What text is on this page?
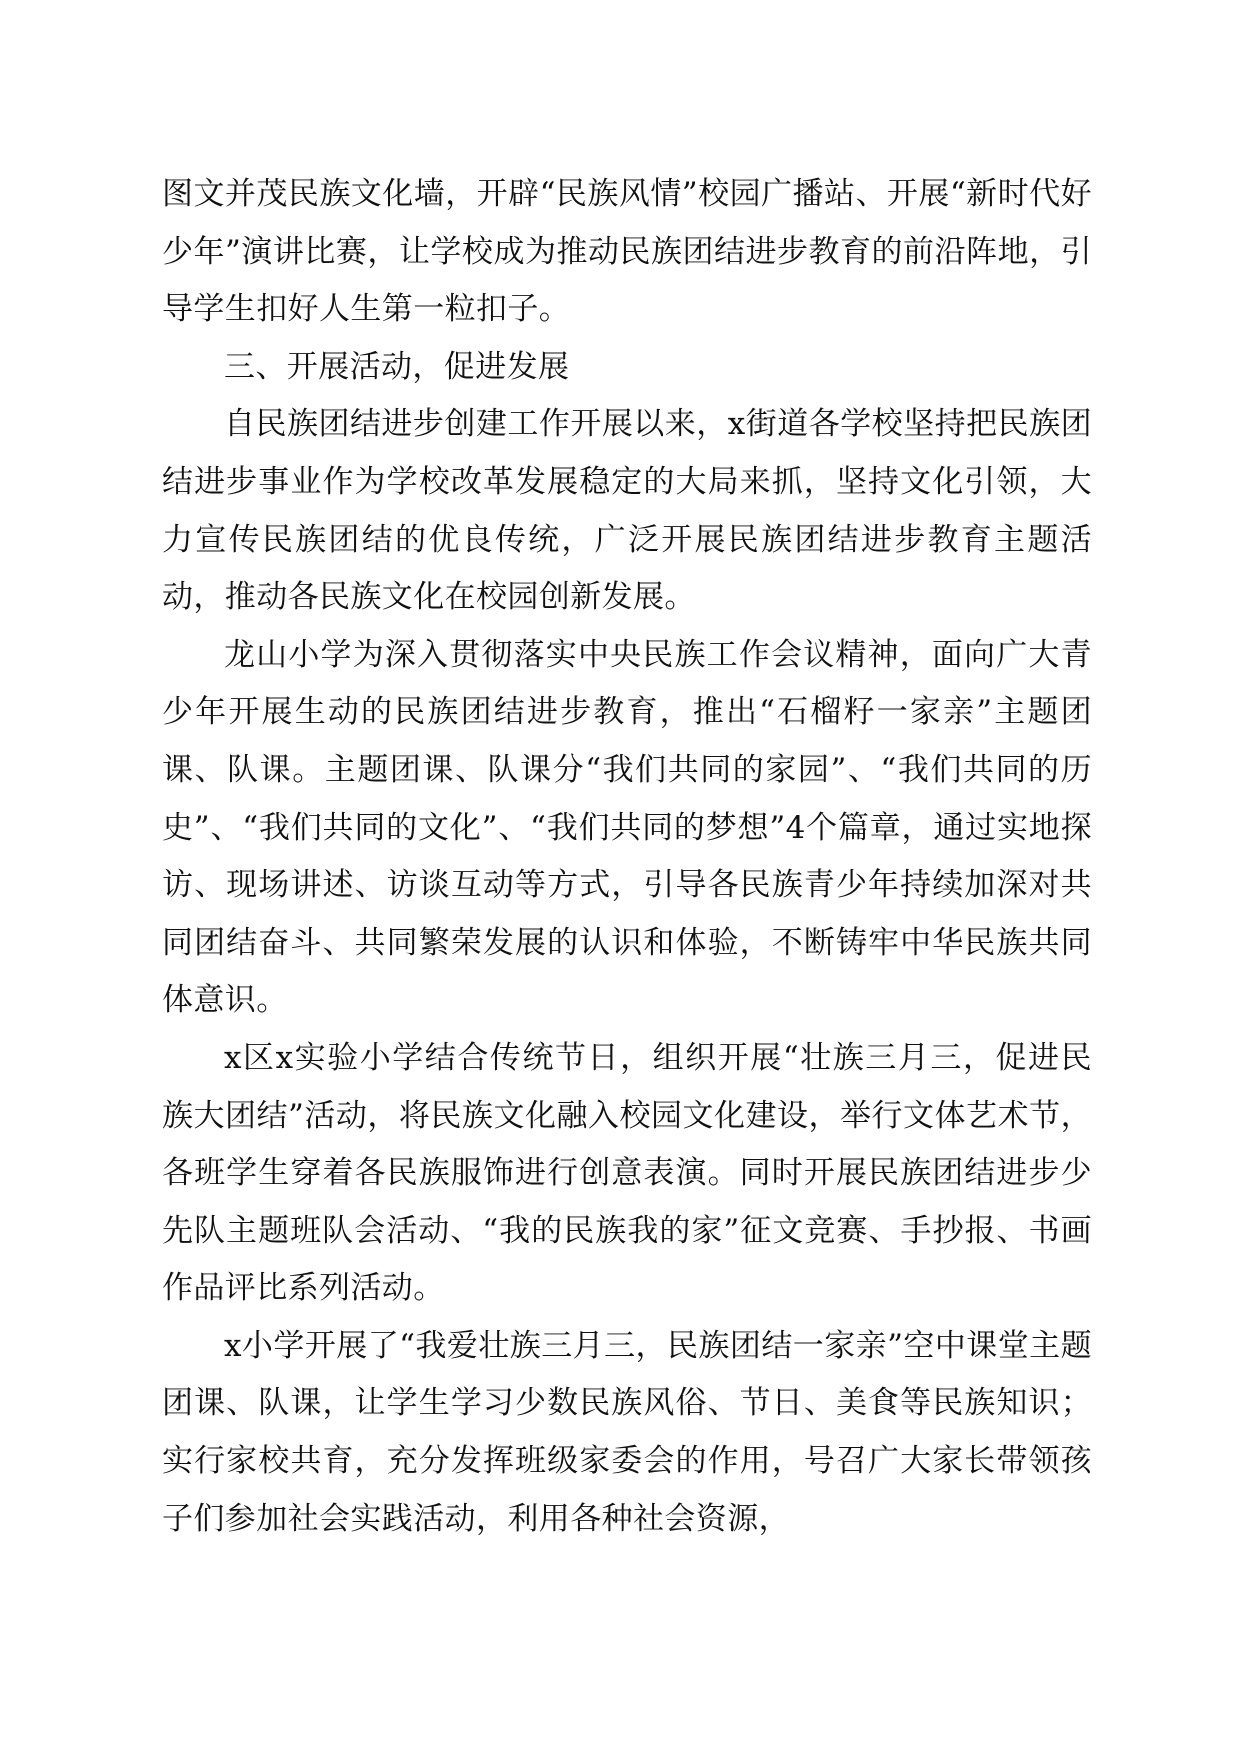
图文并茂民族文化墙，开辟“民族风情”校园广播站、开展“新时代好少年”演讲比赛，让学校成为推动民族团结进步教育的前沿阵地，引导学生扣好人生第一粒扣子。

三、开展活动，促进发展

自民族团结进步创建工作开展以来，x街道各学校坚持把民族团结进步事业作为学校改革发展稳定的大局来抓，坚持文化引领，大力宣传民族团结的优良传统，广泛开展民族团结进步教育主题活动，推动各民族文化在校园创新发展。

龙山小学为深入贯彻落实中央民族工作会议精神，面向广大青少年开展生动的民族团结进步教育，推出“石榴籽一家亲”主题团课、队课。主题团课、队课分“我们共同的家园”、“我们共同的历史”、“我们共同的文化”、“我们共同的梦想”4个篇章，通过实地探访、现场讲述、访谈互动等方式，引导各民族青少年持续加深对共同团结奋斗、共同繁荣发展的认识和体验，不断铸牢中华民族共同体意识。

x区x实验小学结合传统节日，组织开展“壮族三月三，促进民族大团结”活动，将民族文化融入校园文化建设，举行文体艺术节，各班学生穿着各民族服饰进行创意表演。同时开展民族团结进步少先队主题班队会活动、“我的民族我的家”征文竞赛、手抄报、书画作品评比系列活动。

x小学开展了“我爱壮族三月三，民族团结一家亲”空中课堂主题团课、队课，让学生学习少数民族风俗、节日、美食等民族知识；实行家校共育，充分发挥班级家委会的作用，号召广大家长带领孩子们参加社会实践活动，利用各种社会资源，
